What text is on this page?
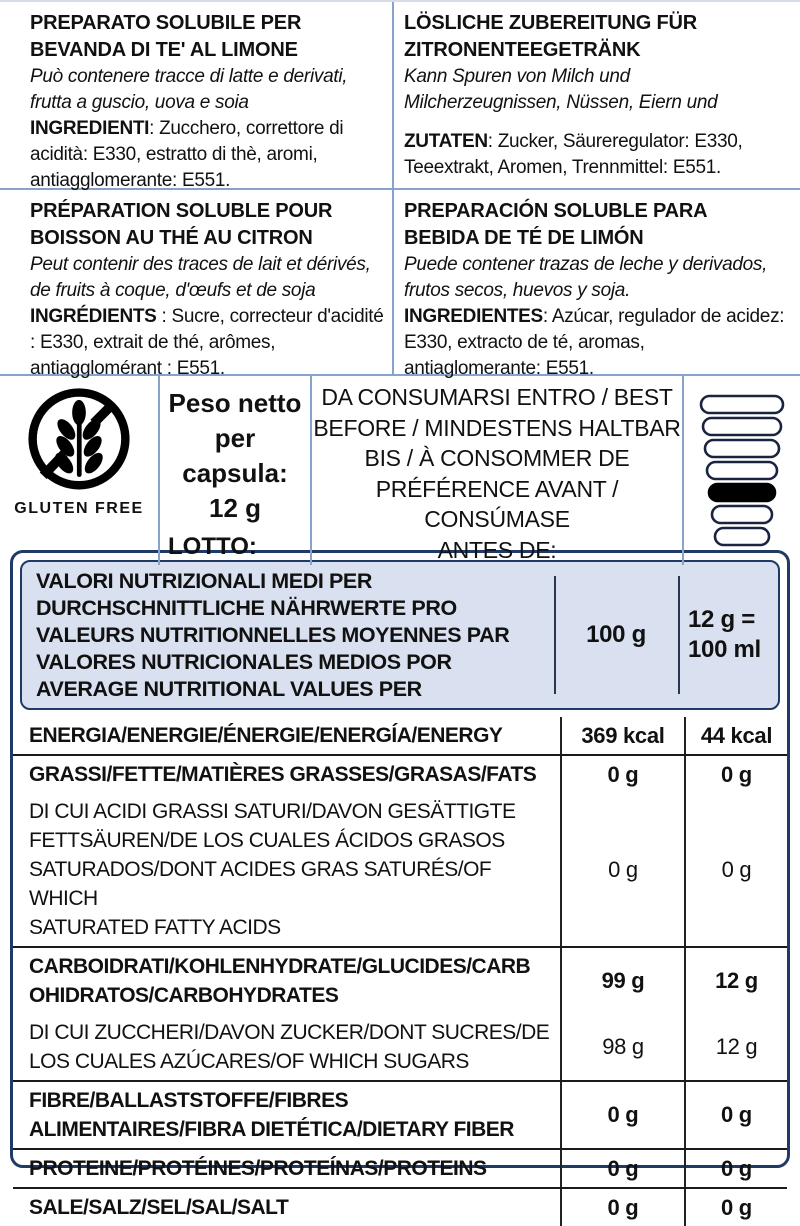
PREPARATO SOLUBILE PER BEVANDA DI TE' AL LIMONE
Può contenere tracce di latte e derivati, frutta a guscio, uova e soia
INGREDIENTI: Zucchero, correttore di acidità: E330, estratto di thè, aromi, antiagglomerante: E551.
LÖSLICHE ZUBEREITUNG FÜR ZITRONENTEEGETRÄNK
Kann Spuren von Milch und Milcherzeugnissen, Nüssen, Eiern und
ZUTATEN: Zucker, Säureregulator: E330, Teeextrakt, Aromen, Trennmittel: E551.
PRÉPARATION SOLUBLE POUR BOISSON AU THÉ AU CITRON
Peut contenir des traces de lait et dérivés, de fruits à coque, d'œufs et de soja
INGRÉDIENTS : Sucre, correcteur d'acidité : E330, extrait de thé, arômes, antiagglomérant : E551.
PREPARACIÓN SOLUBLE PARA BEBIDA DE TÉ DE LIMÓN
Puede contener trazas de leche y derivados, frutos secos, huevos y soja.
INGREDIENTES: Azúcar, regulador de acidez: E330, extracto de té, aromas, antiaglomerante: E551.
GLUTEN FREE
Peso netto
per capsula:
12 g
LOTTO:
DA CONSUMARSI ENTRO / BEST
BEFORE / MINDESTENS HALTBAR
BIS / À CONSOMMER DE
PRÉFÉRENCE AVANT / CONSÚMASE
ANTES DE:
VALORI NUTRIZIONALI MEDI PER
DURCHSCHNITTLICHE NÄHRWERTE PRO
VALEURS NUTRITIONNELLES MOYENNES PAR
VALORES NUTRICIONALES MEDIOS POR
AVERAGE NUTRITIONAL VALUES PER
100 g
12 g =
100 ml
ENERGIA/ENERGIE/ÉNERGIE/ENERGÍA/ENERGY	369 kcal	44 kcal
GRASSI/FETTE/MATIÈRES GRASSES/GRASAS/FATS	0 g	0 g
DI CUI ACIDI GRASSI SATURI/DAVON GESÄTTIGTE
FETTSÄUREN/DE LOS CUALES ÁCIDOS GRASOS
SATURADOS/DONT ACIDES GRAS SATURÉS/OF WHICH
SATURATED FATTY ACIDS
0 g	0 g
CARBOIDRATI/KOHLENHYDRATE/GLUCIDES/CARB
OHIDRATOS/CARBOHYDRATES
99 g	12 g
DI CUI ZUCCHERI/DAVON ZUCKER/DONT SUCRES/DE
LOS CUALES AZÚCARES/OF WHICH SUGARS
98 g	12 g
FIBRE/BALLASTSTOFFE/FIBRES
ALIMENTAIRES/FIBRA DIETÉTICA/DIETARY FIBER
0 g	0 g
PROTEINE/PROTÉINES/PROTEÍNAS/PROTEINS	0 g	0 g
SALE/SALZ/SEL/SAL/SALT	0 g	0 g
